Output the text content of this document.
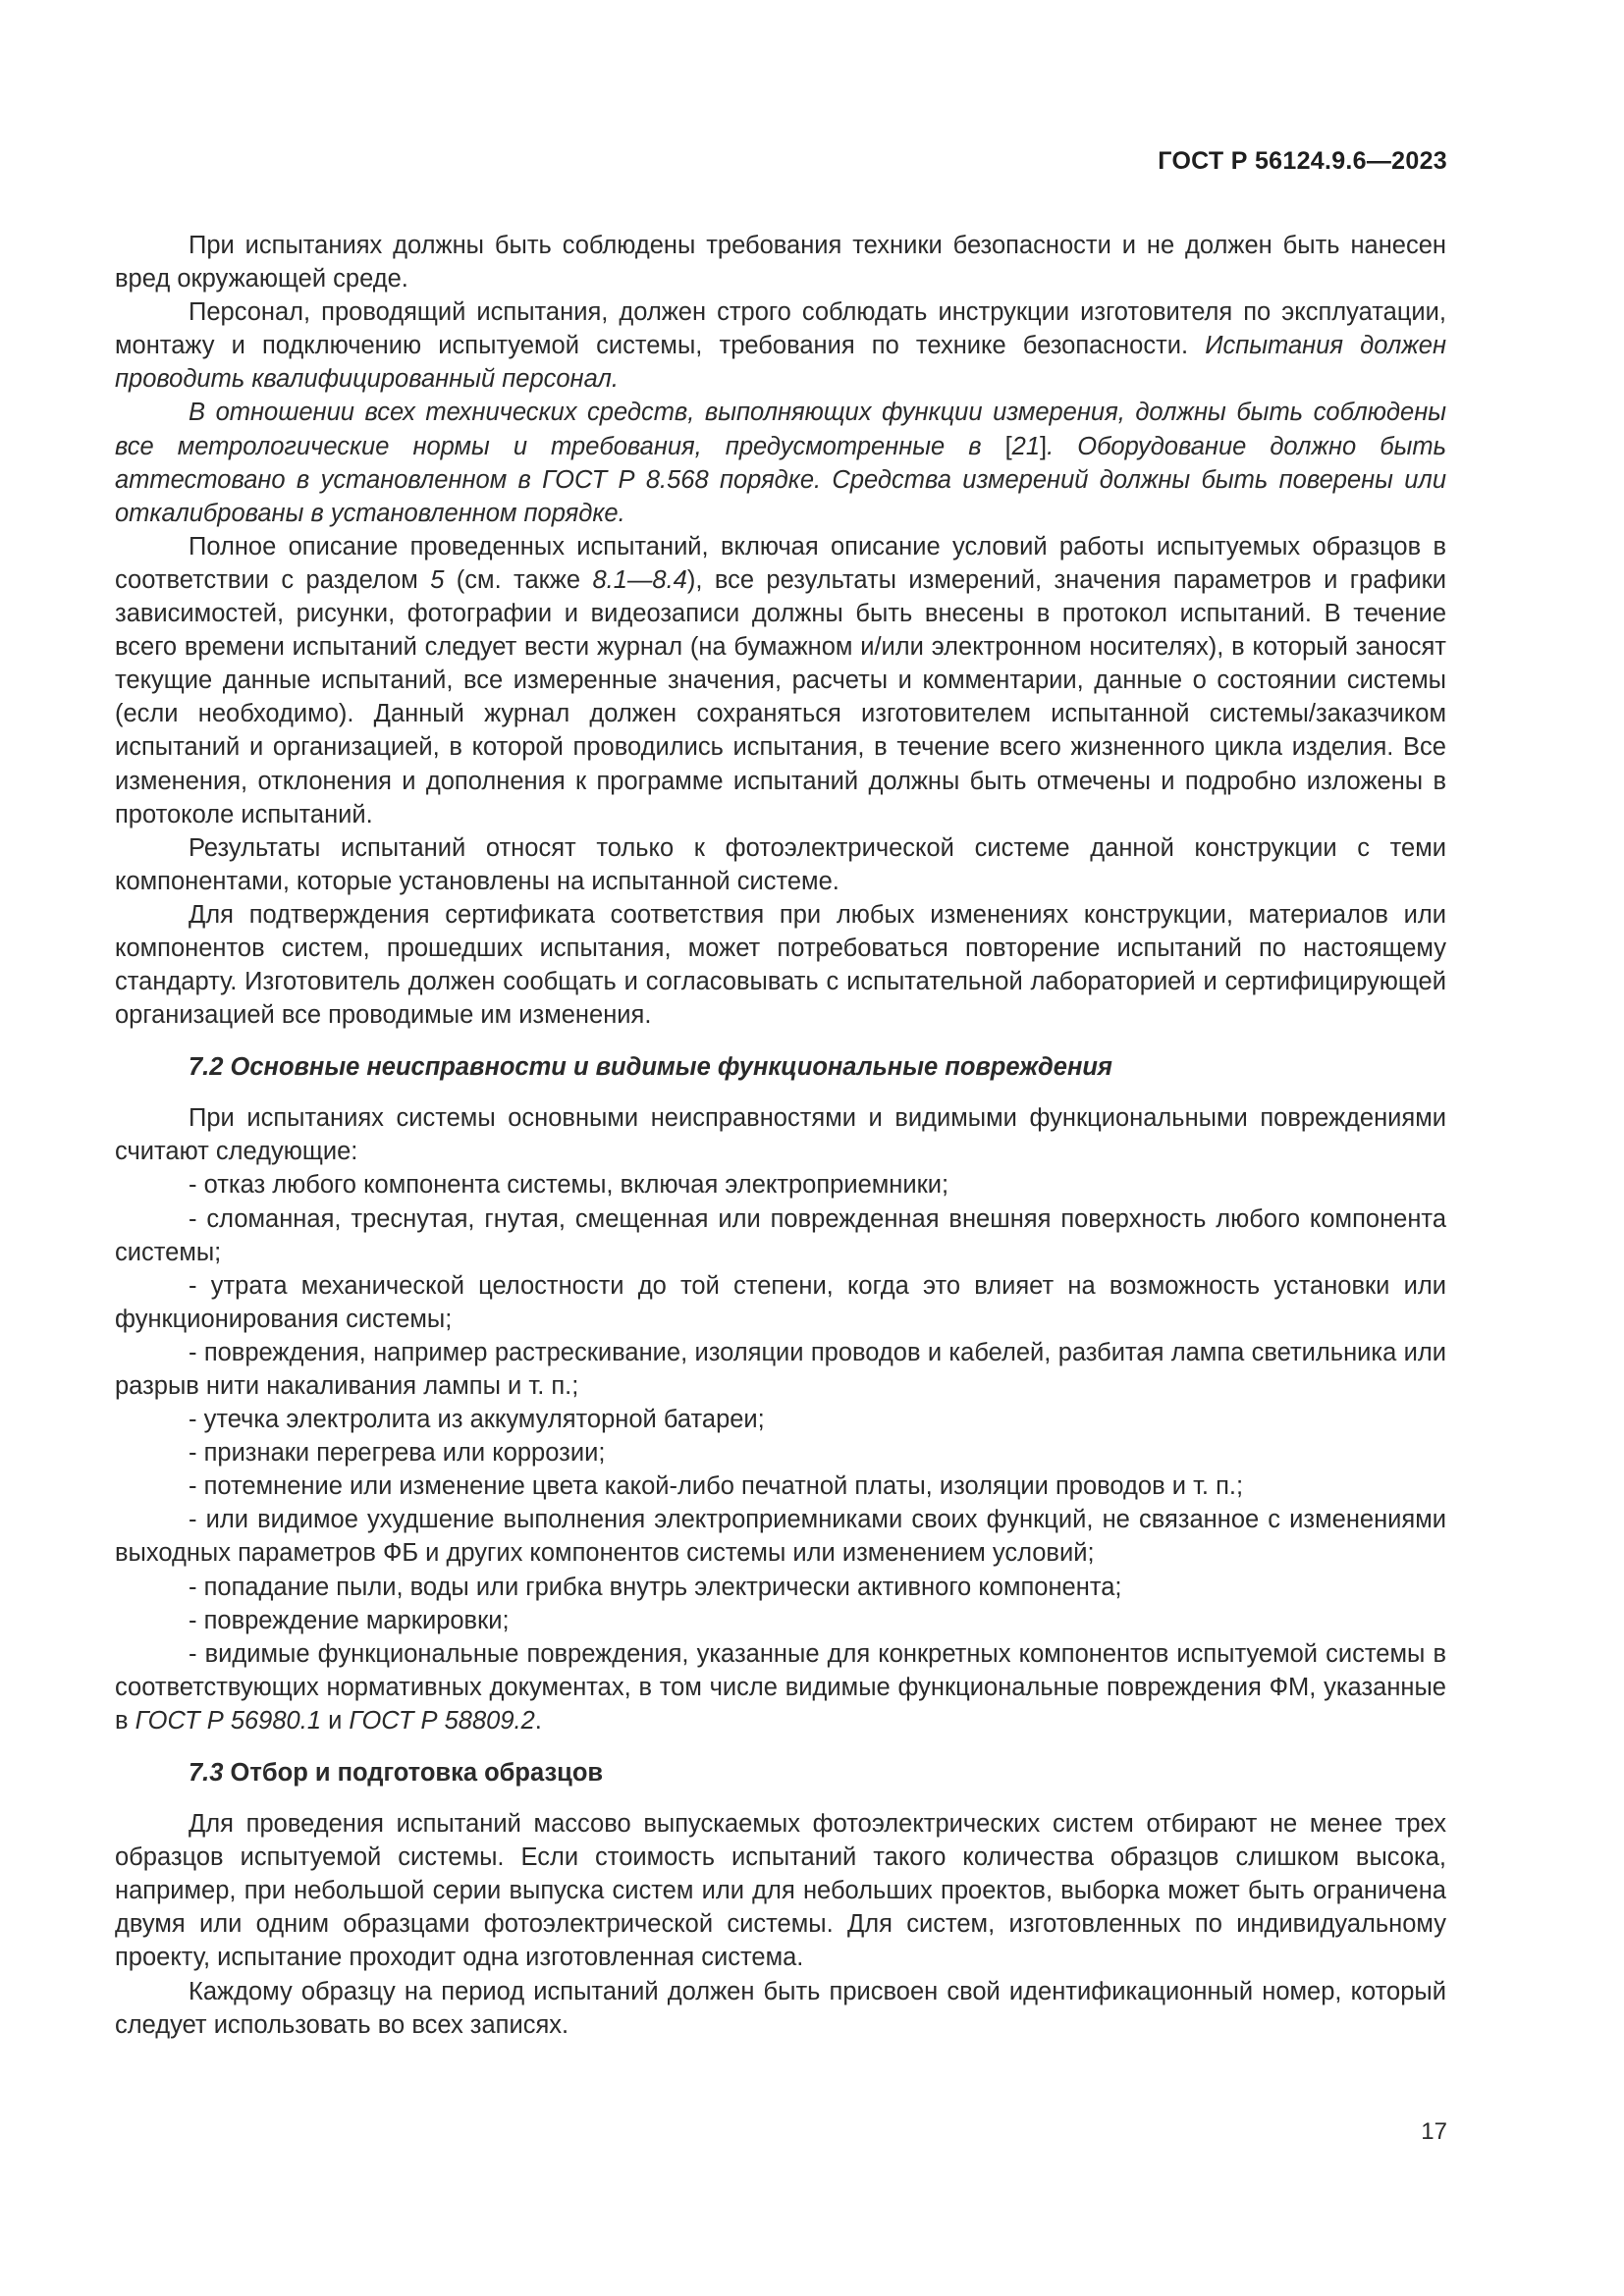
ГОСТ Р 56124.9.6—2023

При испытаниях должны быть соблюдены требования техники безопасности и не должен быть нанесен вред окружающей среде.

Персонал, проводящий испытания, должен строго соблюдать инструкции изготовителя по эксплуатации, монтажу и подключению испытуемой системы, требования по технике безопасности. Испытания должен проводить квалифицированный персонал.

В отношении всех технических средств, выполняющих функции измерения, должны быть соблюдены все метрологические нормы и требования, предусмотренные в [21]. Оборудование должно быть аттестовано в установленном в ГОСТ Р 8.568 порядке. Средства измерений должны быть поверены или откалиброваны в установленном порядке.

Полное описание проведенных испытаний, включая описание условий работы испытуемых образцов в соответствии с разделом 5 (см. также 8.1—8.4), все результаты измерений, значения параметров и графики зависимостей, рисунки, фотографии и видеозаписи должны быть внесены в протокол испытаний. В течение всего времени испытаний следует вести журнал (на бумажном и/или электронном носителях), в который заносят текущие данные испытаний, все измеренные значения, расчеты и комментарии, данные о состоянии системы (если необходимо). Данный журнал должен сохраняться изготовителем испытанной системы/заказчиком испытаний и организацией, в которой проводились испытания, в течение всего жизненного цикла изделия. Все изменения, отклонения и дополнения к программе испытаний должны быть отмечены и подробно изложены в протоколе испытаний.

Результаты испытаний относят только к фотоэлектрической системе данной конструкции с теми компонентами, которые установлены на испытанной системе.

Для подтверждения сертификата соответствия при любых изменениях конструкции, материалов или компонентов систем, прошедших испытания, может потребоваться повторение испытаний по настоящему стандарту. Изготовитель должен сообщать и согласовывать с испытательной лабораторией и сертифицирующей организацией все проводимые им изменения.

7.2 Основные неисправности и видимые функциональные повреждения

При испытаниях системы основными неисправностями и видимыми функциональными повреждениями считают следующие:

- отказ любого компонента системы, включая электроприемники;

- сломанная, треснутая, гнутая, смещенная или поврежденная внешняя поверхность любого компонента системы;

- утрата механической целостности до той степени, когда это влияет на возможность установки или функционирования системы;

- повреждения, например растрескивание, изоляции проводов и кабелей, разбитая лампа светильника или разрыв нити накаливания лампы и т. п.;

- утечка электролита из аккумуляторной батареи;

- признаки перегрева или коррозии;

- потемнение или изменение цвета какой-либо печатной платы, изоляции проводов и т. п.;

- или видимое ухудшение выполнения электроприемниками своих функций, не связанное с изменениями выходных параметров ФБ и других компонентов системы или изменением условий;

- попадание пыли, воды или грибка внутрь электрически активного компонента;

- повреждение маркировки;

- видимые функциональные повреждения, указанные для конкретных компонентов испытуемой системы в соответствующих нормативных документах, в том числе видимые функциональные повреждения ФМ, указанные в ГОСТ Р 56980.1 и ГОСТ Р 58809.2.

7.3 Отбор и подготовка образцов

Для проведения испытаний массово выпускаемых фотоэлектрических систем отбирают не менее трех образцов испытуемой системы. Если стоимость испытаний такого количества образцов слишком высока, например, при небольшой серии выпуска систем или для небольших проектов, выборка может быть ограничена двумя или одним образцами фотоэлектрической системы. Для систем, изготовленных по индивидуальному проекту, испытание проходит одна изготовленная система.

Каждому образцу на период испытаний должен быть присвоен свой идентификационный номер, который следует использовать во всех записях.

17
